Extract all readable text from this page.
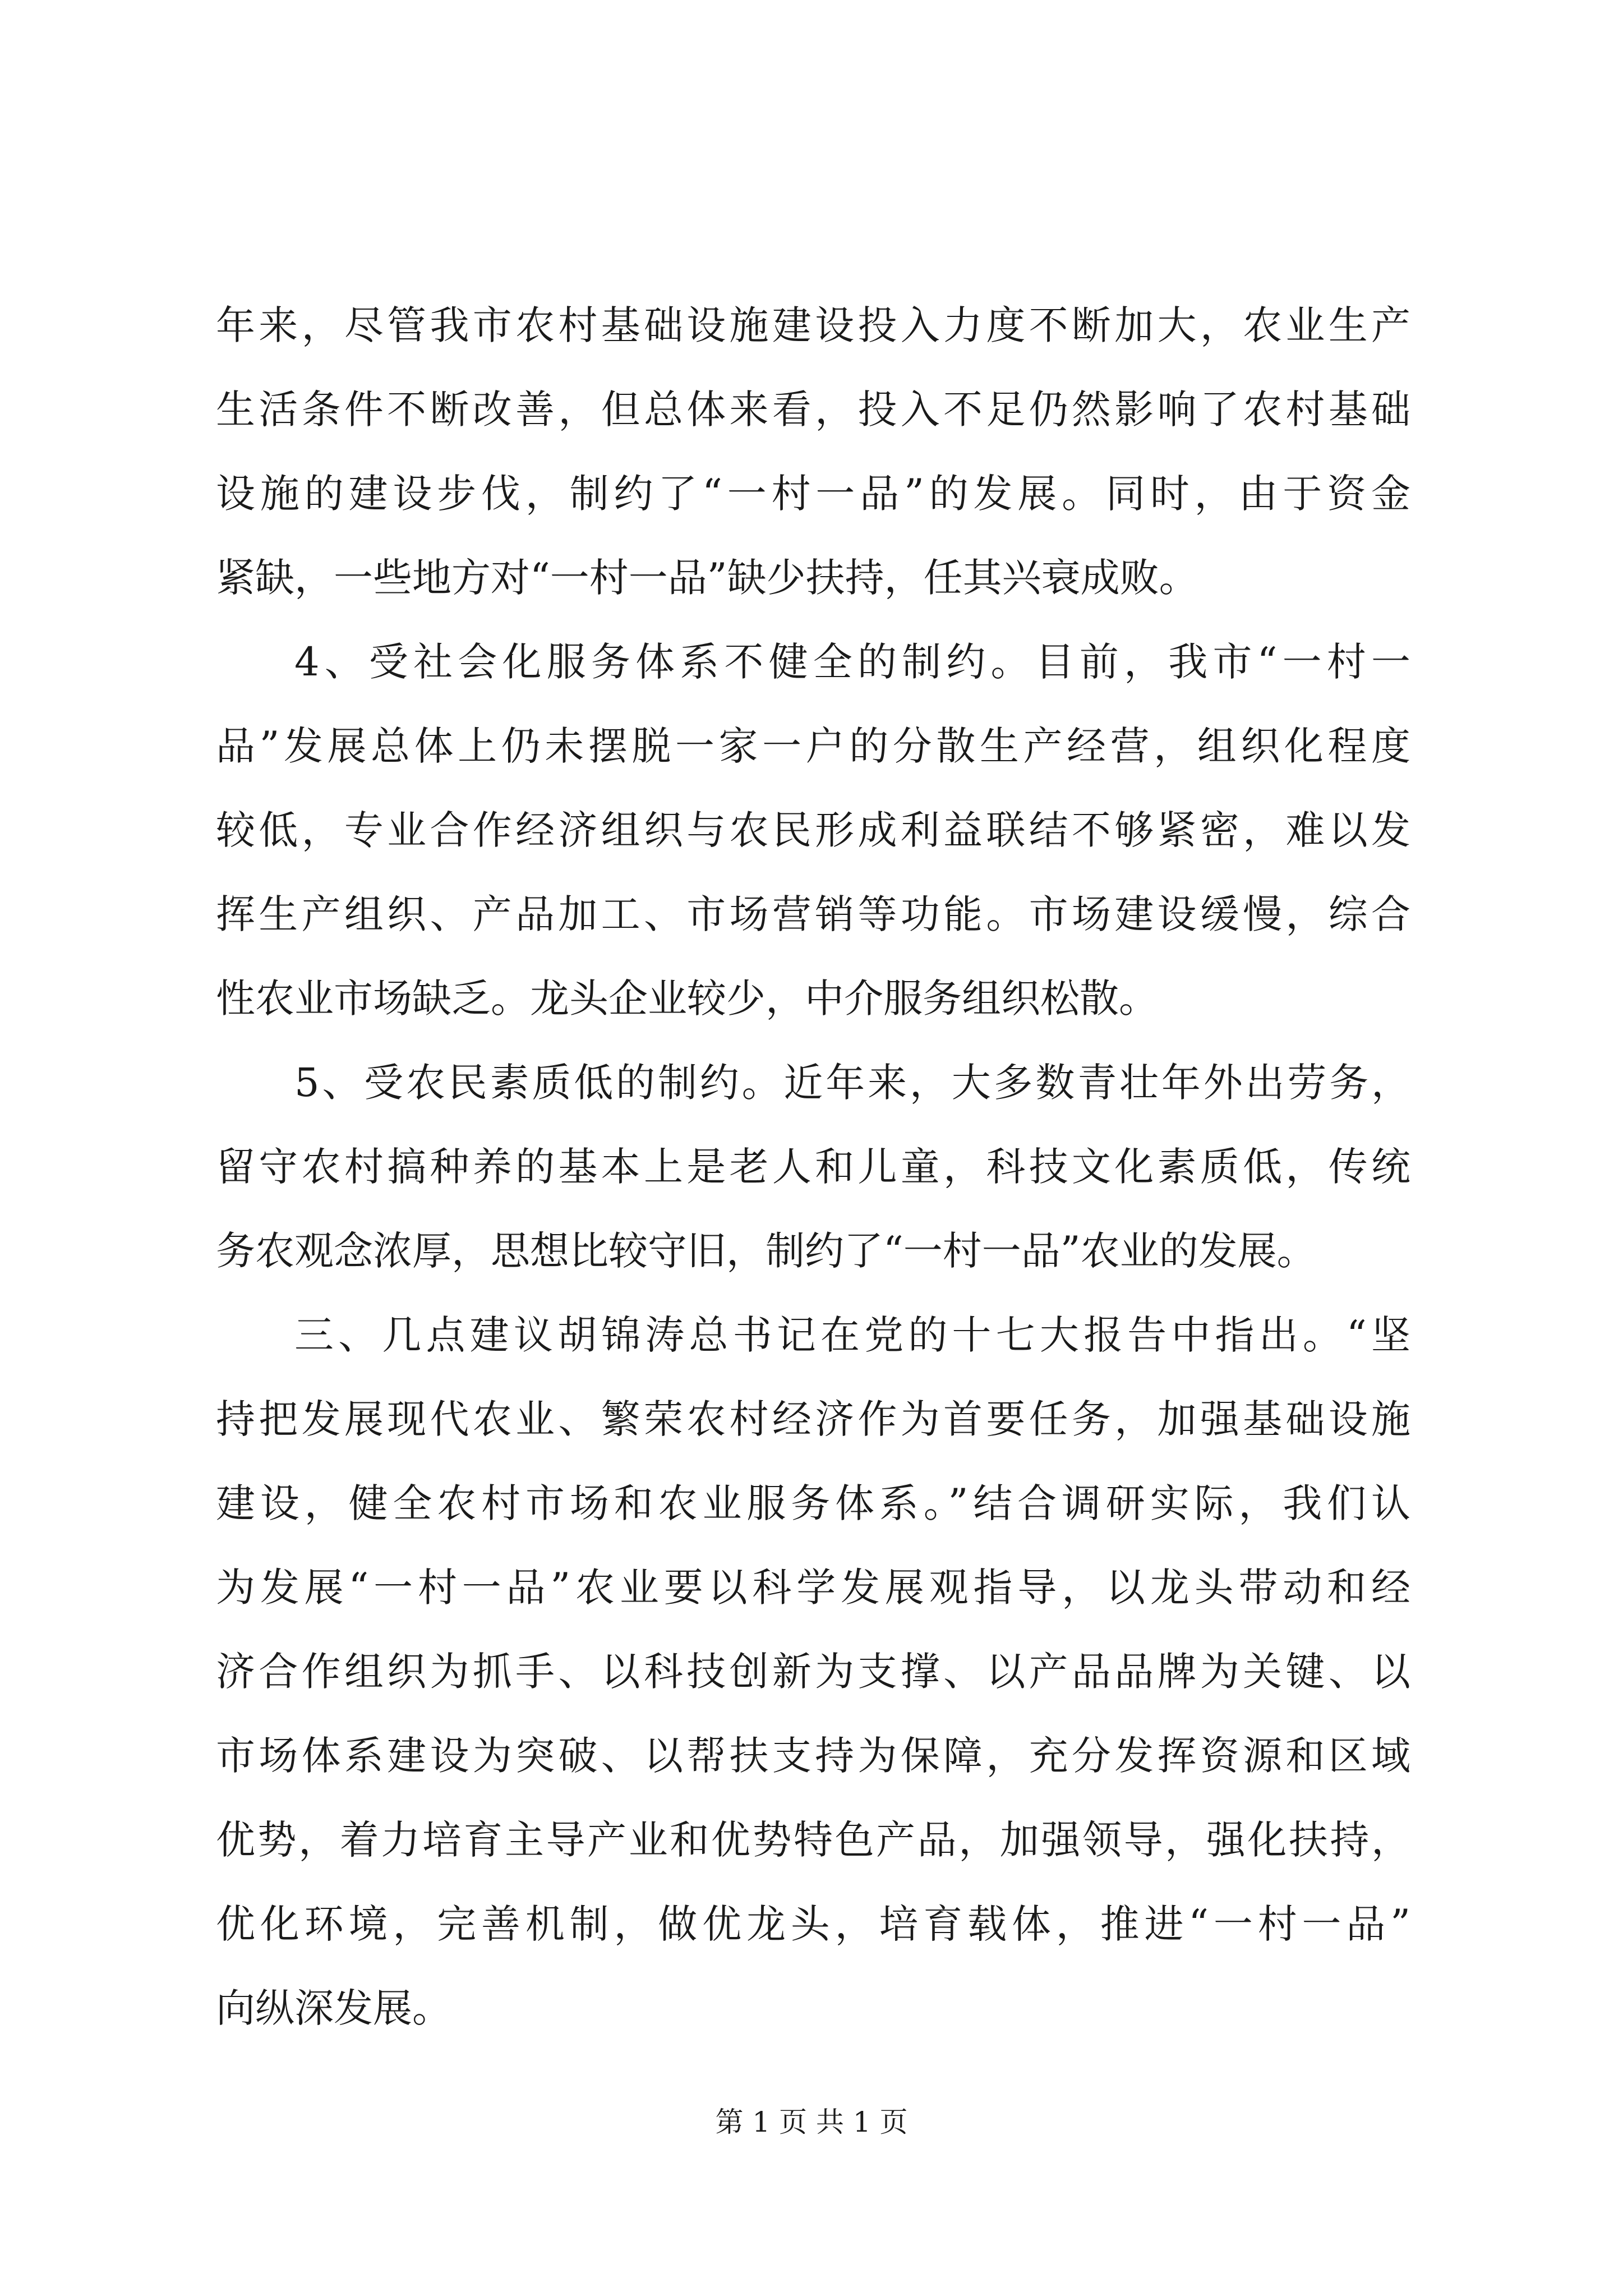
年来，尽管我市农村基础设施建设投入力度不断加大，农业生产
生活条件不断改善，但总体来看，投入不足仍然影响了农村基础
设施的建设步伐，制约了“一村一品”的发展。同时，由于资金
紧缺，一些地方对“一村一品”缺少扶持，任其兴衰成败。
4、受社会化服务体系不健全的制约。目前，我市“一村一
品”发展总体上仍未摆脱一家一户的分散生产经营，组织化程度
较低，专业合作经济组织与农民形成利益联结不够紧密，难以发
挥生产组织、产品加工、市场营销等功能。市场建设缓慢，综合
性农业市场缺乏。龙头企业较少，中介服务组织松散。
5、受农民素质低的制约。近年来，大多数青壮年外出劳务，
留守农村搞种养的基本上是老人和儿童，科技文化素质低，传统
务农观念浓厚，思想比较守旧，制约了“一村一品”农业的发展。
三、几点建议胡锦涛总书记在党的十七大报告中指出。“坚
持把发展现代农业、繁荣农村经济作为首要任务，加强基础设施
建设，健全农村市场和农业服务体系。”结合调研实际，我们认
为发展“一村一品”农业要以科学发展观指导，以龙头带动和经
济合作组织为抓手、以科技创新为支撑、以产品品牌为关键、以
市场体系建设为突破、以帮扶支持为保障，充分发挥资源和区域
优势，着力培育主导产业和优势特色产品，加强领导，强化扶持，
优化环境，完善机制，做优龙头，培育载体，推进“一村一品”
向纵深发展。
第 1 页 共 1 页
